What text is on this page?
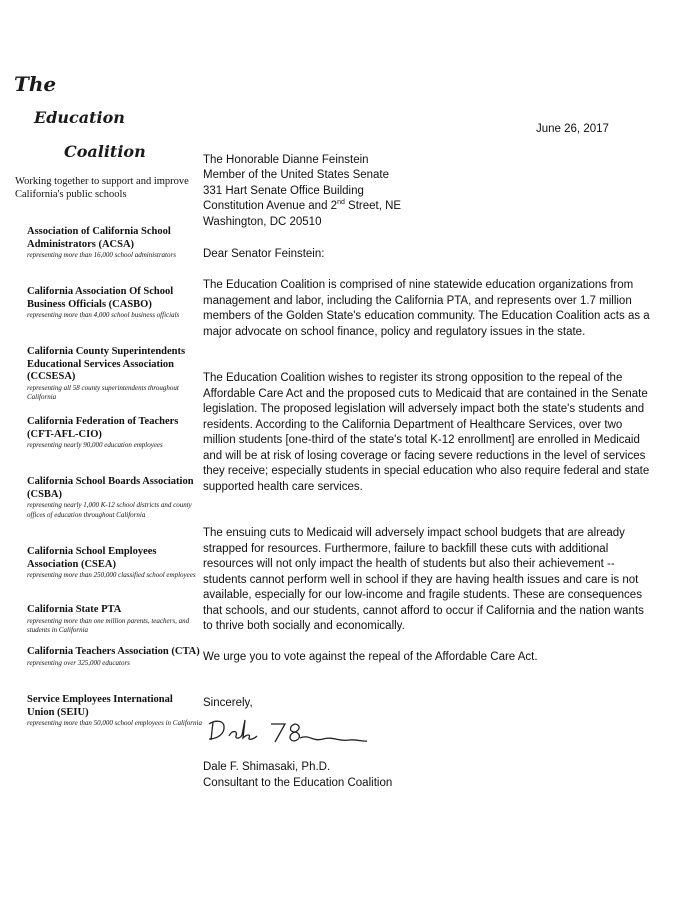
The
Education
Coalition
Working together to support and improve California's public schools
Association of California School Administrators (ACSA)
representing more than 16,000 school administrators
California Association Of School Business Officials (CASBO)
representing more than 4,000 school business officials
California County Superintendents Educational Services Association (CCSESA)
representing all 58 county superintendents throughout California
California Federation of Teachers (CFT-AFL-CIO)
representing nearly 90,000 education employees
California School Boards Association (CSBA)
representing nearly 1,000 K-12 school districts and county offices of education throughout California
California School Employees Association (CSEA)
representing more than 250,000 classified school employees
California State PTA
representing more than one million parents, teachers, and students in California
California Teachers Association (CTA)
representing over 325,000 educators
Service Employees International Union (SEIU)
representing more than 50,000 school employees in California
June 26, 2017
The Honorable Dianne Feinstein
Member of the United States Senate
331 Hart Senate Office Building
Constitution Avenue and 2nd Street, NE
Washington, DC 20510
Dear Senator Feinstein:
The Education Coalition is comprised of nine statewide education organizations from management and labor, including the California PTA, and represents over 1.7 million members of the Golden State's education community. The Education Coalition acts as a major advocate on school finance, policy and regulatory issues in the state.
The Education Coalition wishes to register its strong opposition to the repeal of the Affordable Care Act and the proposed cuts to Medicaid that are contained in the Senate legislation. The proposed legislation will adversely impact both the state's students and residents. According to the California Department of Healthcare Services, over two million students [one-third of the state's total K-12 enrollment] are enrolled in Medicaid and will be at risk of losing coverage or facing severe reductions in the level of services they receive; especially students in special education who also require federal and state supported health care services.
The ensuing cuts to Medicaid will adversely impact school budgets that are already strapped for resources. Furthermore, failure to backfill these cuts with additional resources will not only impact the health of students but also their achievement -- students cannot perform well in school if they are having health issues and care is not available, especially for our low-income and fragile students. These are consequences that schools, and our students, cannot afford to occur if California and the nation wants to thrive both socially and economically.
We urge you to vote against the repeal of the Affordable Care Act.
Sincerely,
Dale F. Shimasaki, Ph.D.
Consultant to the Education Coalition
